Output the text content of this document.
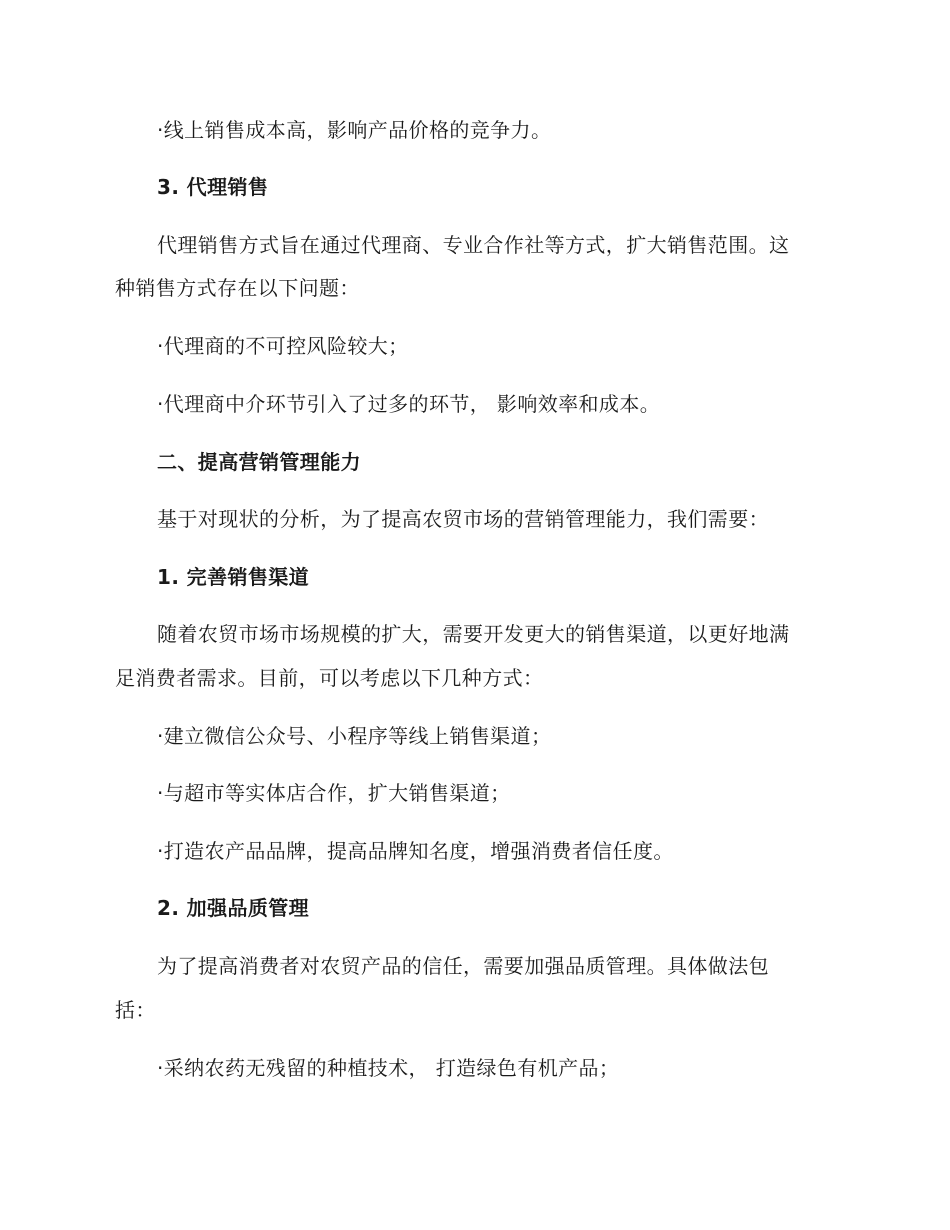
·线上销售成本高，影响产品价格的竞争力。
3. 代理销售
代理销售方式旨在通过代理商、专业合作社等方式，扩大销售范围。这
种销售方式存在以下问题：
·代理商的不可控风险较大；
·代理商中介环节引入了过多的环节， 影响效率和成本。
二、提高营销管理能力
基于对现状的分析，为了提高农贸市场的营销管理能力，我们需要：
1. 完善销售渠道
随着农贸市场市场规模的扩大，需要开发更大的销售渠道，以更好地满
足消费者需求。目前，可以考虑以下几种方式：
·建立微信公众号、小程序等线上销售渠道；
·与超市等实体店合作，扩大销售渠道；
·打造农产品品牌，提高品牌知名度，增强消费者信任度。
2. 加强品质管理
为了提高消费者对农贸产品的信任，需要加强品质管理。具体做法包
括：
·采纳农药无残留的种植技术， 打造绿色有机产品；
